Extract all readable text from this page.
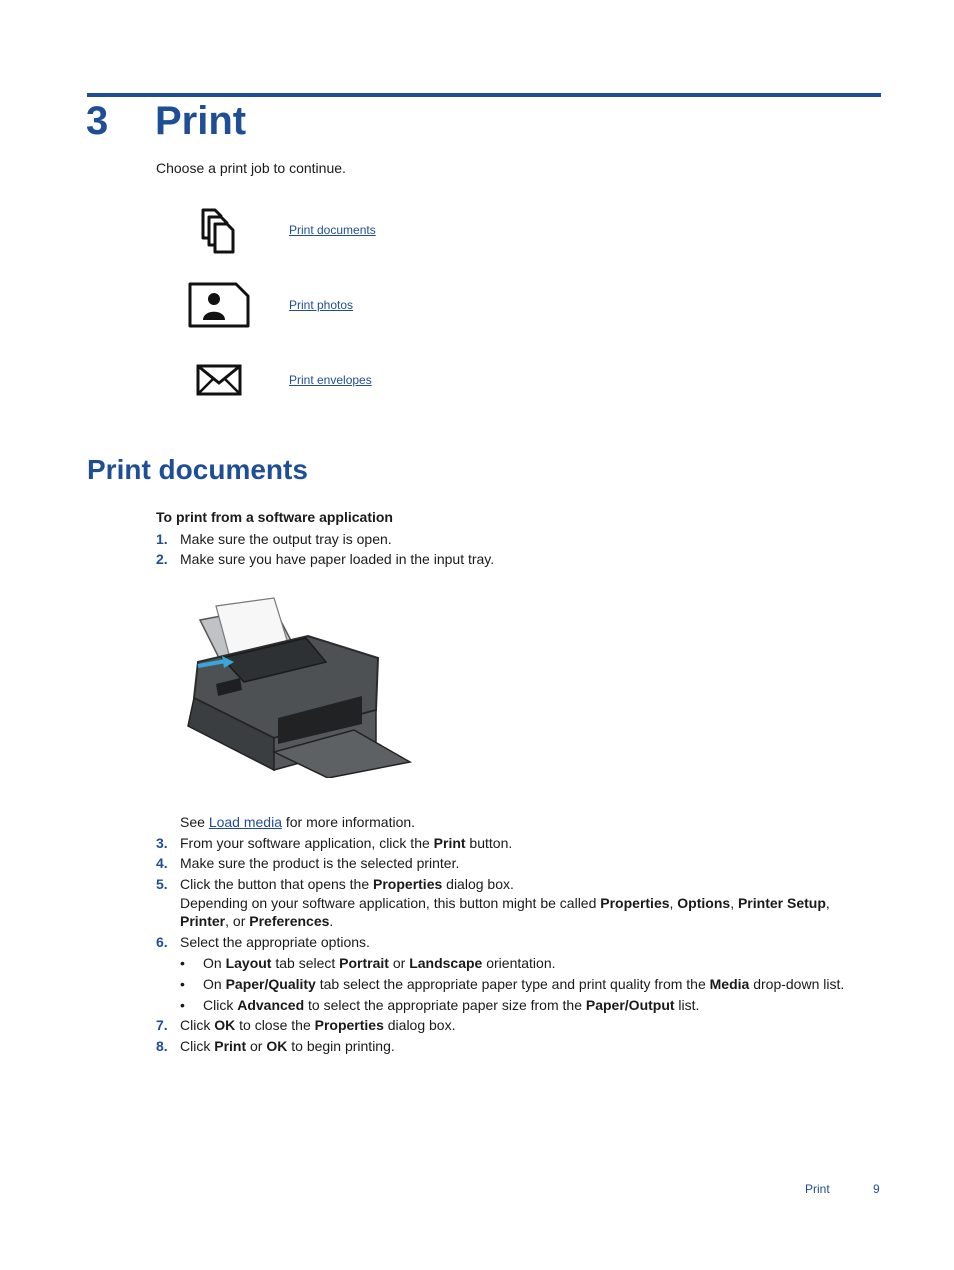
3 Print
Choose a print job to continue.
Print documents
Print photos
Print envelopes
Print documents
To print from a software application
1. Make sure the output tray is open.
2. Make sure you have paper loaded in the input tray.
See Load media for more information.
3. From your software application, click the Print button.
4. Make sure the product is the selected printer.
5. Click the button that opens the Properties dialog box.
Depending on your software application, this button might be called Properties, Options, Printer Setup,
Printer, or Preferences.
6. Select the appropriate options.
• On Layout tab select Portrait or Landscape orientation.
• On Paper/Quality tab select the appropriate paper type and print quality from the Media drop-down list.
• Click Advanced to select the appropriate paper size from the Paper/Output list.
7. Click OK to close the Properties dialog box.
8. Click Print or OK to begin printing.
Print	9
